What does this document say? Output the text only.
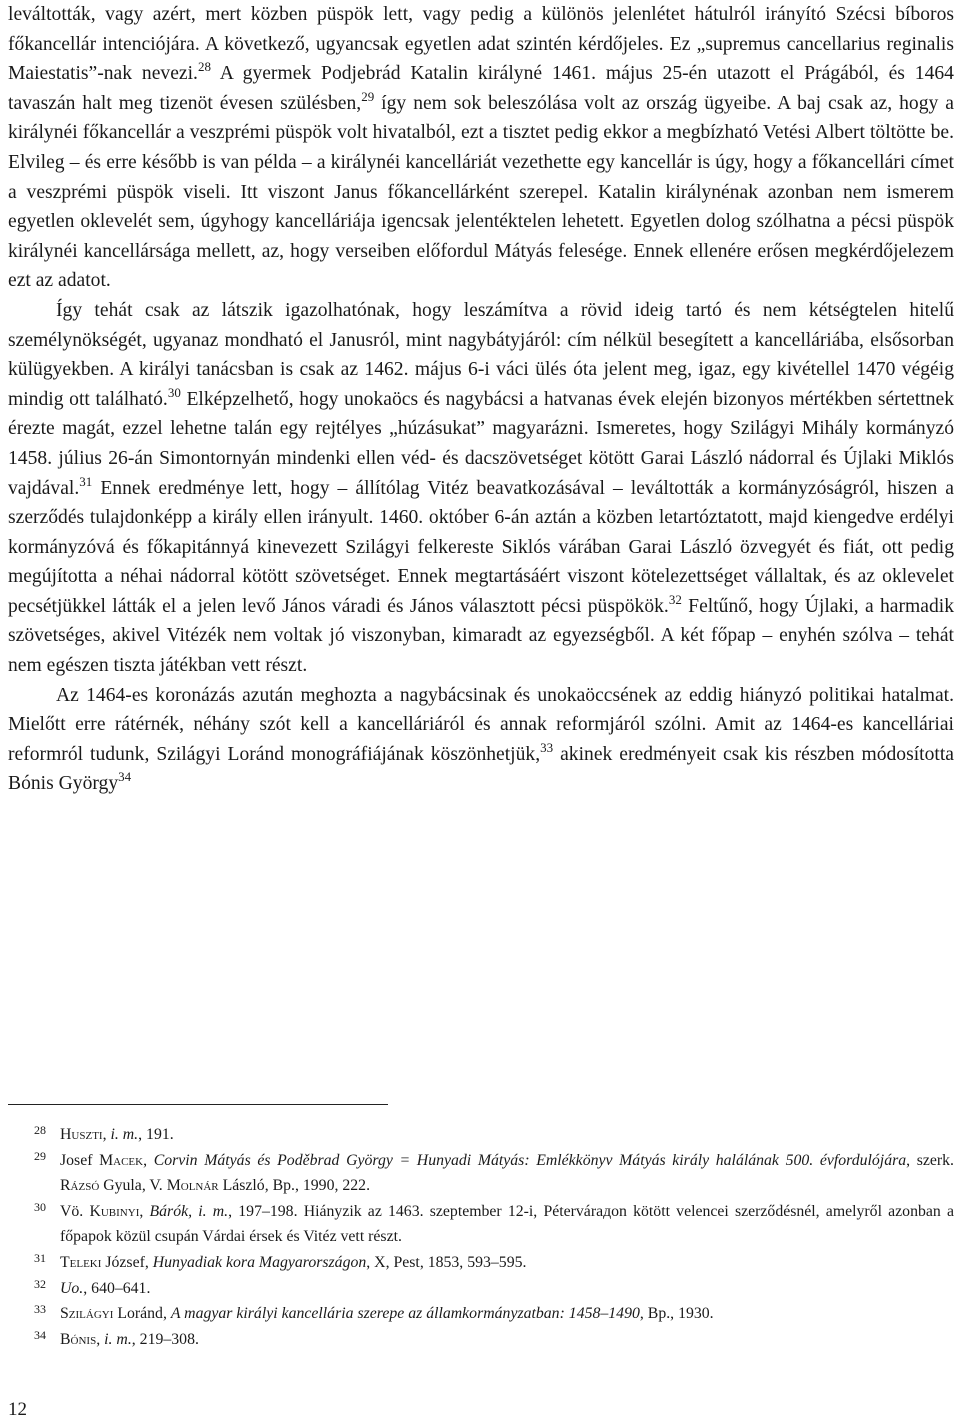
leváltották, vagy azért, mert közben püspök lett, vagy pedig a különös jelenlétet hátulról irányító Szécsi bíboros főkancellár intenciójára. A következő, ugyancsak egyetlen adat szintén kérdőjeles. Ez „supremus cancellarius reginalis Maiestatis”-nak nevezi.$^{28}$ A gyermek Podjebrád Katalin királyné 1461. május 25-én utazott el Prágából, és 1464 tavaszán halt meg tizenöt évesen szülésben,$^{29}$ így nem sok beleszólása volt az ország ügyeibe. A baj csak az, hogy a királynéi főkancellár a veszprémi püspök volt hivatalból, ezt a tisztet pedig ekkor a megbízható Vetési Albert töltötte be. Elvileg – és erre később is van példa – a királynéi kancelláriát vezethette egy kancellár is úgy, hogy a főkancellári címet a veszprémi püspök viseli. Itt viszont Janus főkancellárként szerepel. Katalin királynénak azonban nem ismerem egyetlen oklevelét sem, úgyhogy kancelláriája igencsak jelentéktelen lehetett. Egyetlen dolog szólhatna a pécsi püspök királynéi kancellársága mellett, az, hogy verseiben előfordul Mátyás felesége. Ennek ellenére erősen megkérdőjelezem ezt az adatot.

Így tehát csak az látszik igazolhatónak, hogy leszámítva a rövid ideig tartó és nem kétségtelen hitelű személynökségét, ugyanaz mondható el Janusról, mint nagybátyjáról: cím nélkül besegített a kancelláriába, elsősorban külügyekben. A királyi tanácsban is csak az 1462. május 6-i váci ülés óta jelent meg, igaz, egy kivétellel 1470 végéig mindig ott található.$^{30}$ Elképzelhető, hogy unokaöcs és nagybácsi a hatvanas évek elején bizonyos mértékben sértettnek érezte magát, ezzel lehetne talán egy rejtélyes „húzásukat” magyarázni. Ismeretes, hogy Szilágyi Mihály kormányzó 1458. július 26-án Simontornyán mindenki ellen véd- és dacszövetséget kötött Garai László nádorral és Újlaki Miklós vajdával.$^{31}$ Ennek eredménye lett, hogy – állítólag Vitéz beavatkozásával – leváltották a kormányzóságról, hiszen a szerződés tulajdonképp a király ellen irányult. 1460. október 6-án aztán a közben letartóztatott, majd kiengedve erdélyi kormányzóvá és főkapitánnyá kinevezett Szilágyi felkereste Siklós várában Garai László özvegyét és fiát, ott pedig megújította a néhai nádorral kötött szövetséget. Ennek megtartásáért viszont kötelezettséget vállaltak, és az oklevelet pecsétjükkel látták el a jelen levő János váradi és János választott pécsi püspökök.$^{32}$ Feltűnő, hogy Újlaki, a harmadik szövetséges, akivel Vitézék nem voltak jó viszonyban, kimaradt az egyezségből. A két főpap – enyhén szólva – tehát nem egészen tiszta játékban vett részt.

Az 1464-es koronázás azután meghozta a nagybácsinak és unokaöccsének az eddig hiányzó politikai hatalmat. Mielőtt erre rátérnék, néhány szót kell a kancelláriáról és annak reformjáról szólni. Amit az 1464-es kancelláriai reformról tudunk, Szilágyi Loránd monográfiájának köszönhetjük,$^{33}$ akinek eredményeit csak kis részben módosította Bónis György$^{34}$

28 Huszti, i. m., 191.
29 Josef Macek, Corvin Mátyás és Poděbrad György = Hunyadi Mátyás: Emlékkönyv Mátyás király halálának 500. évfordulójára, szerk. Rázsó Gyula, V. Molnár László, Bp., 1990, 222.
30 Vö. Kubinyi, Bárók, i. m., 197–198. Hiányzik az 1463. szeptember 12-i, Pétervárадon kötött velencei szerződésnél, amelyről azonban a főpapok közül csupán Várdai érsek és Vitéz vett részt.
31 Teleki József, Hunyadiak kora Magyarországon, X, Pest, 1853, 593–595.
32 Uo., 640–641.
33 Szilágyi Loránd, A magyar királyi kancellária szerepe az államkormányzatban: 1458–1490, Bp., 1930.
34 Bónis, i. m., 219–308.
12
